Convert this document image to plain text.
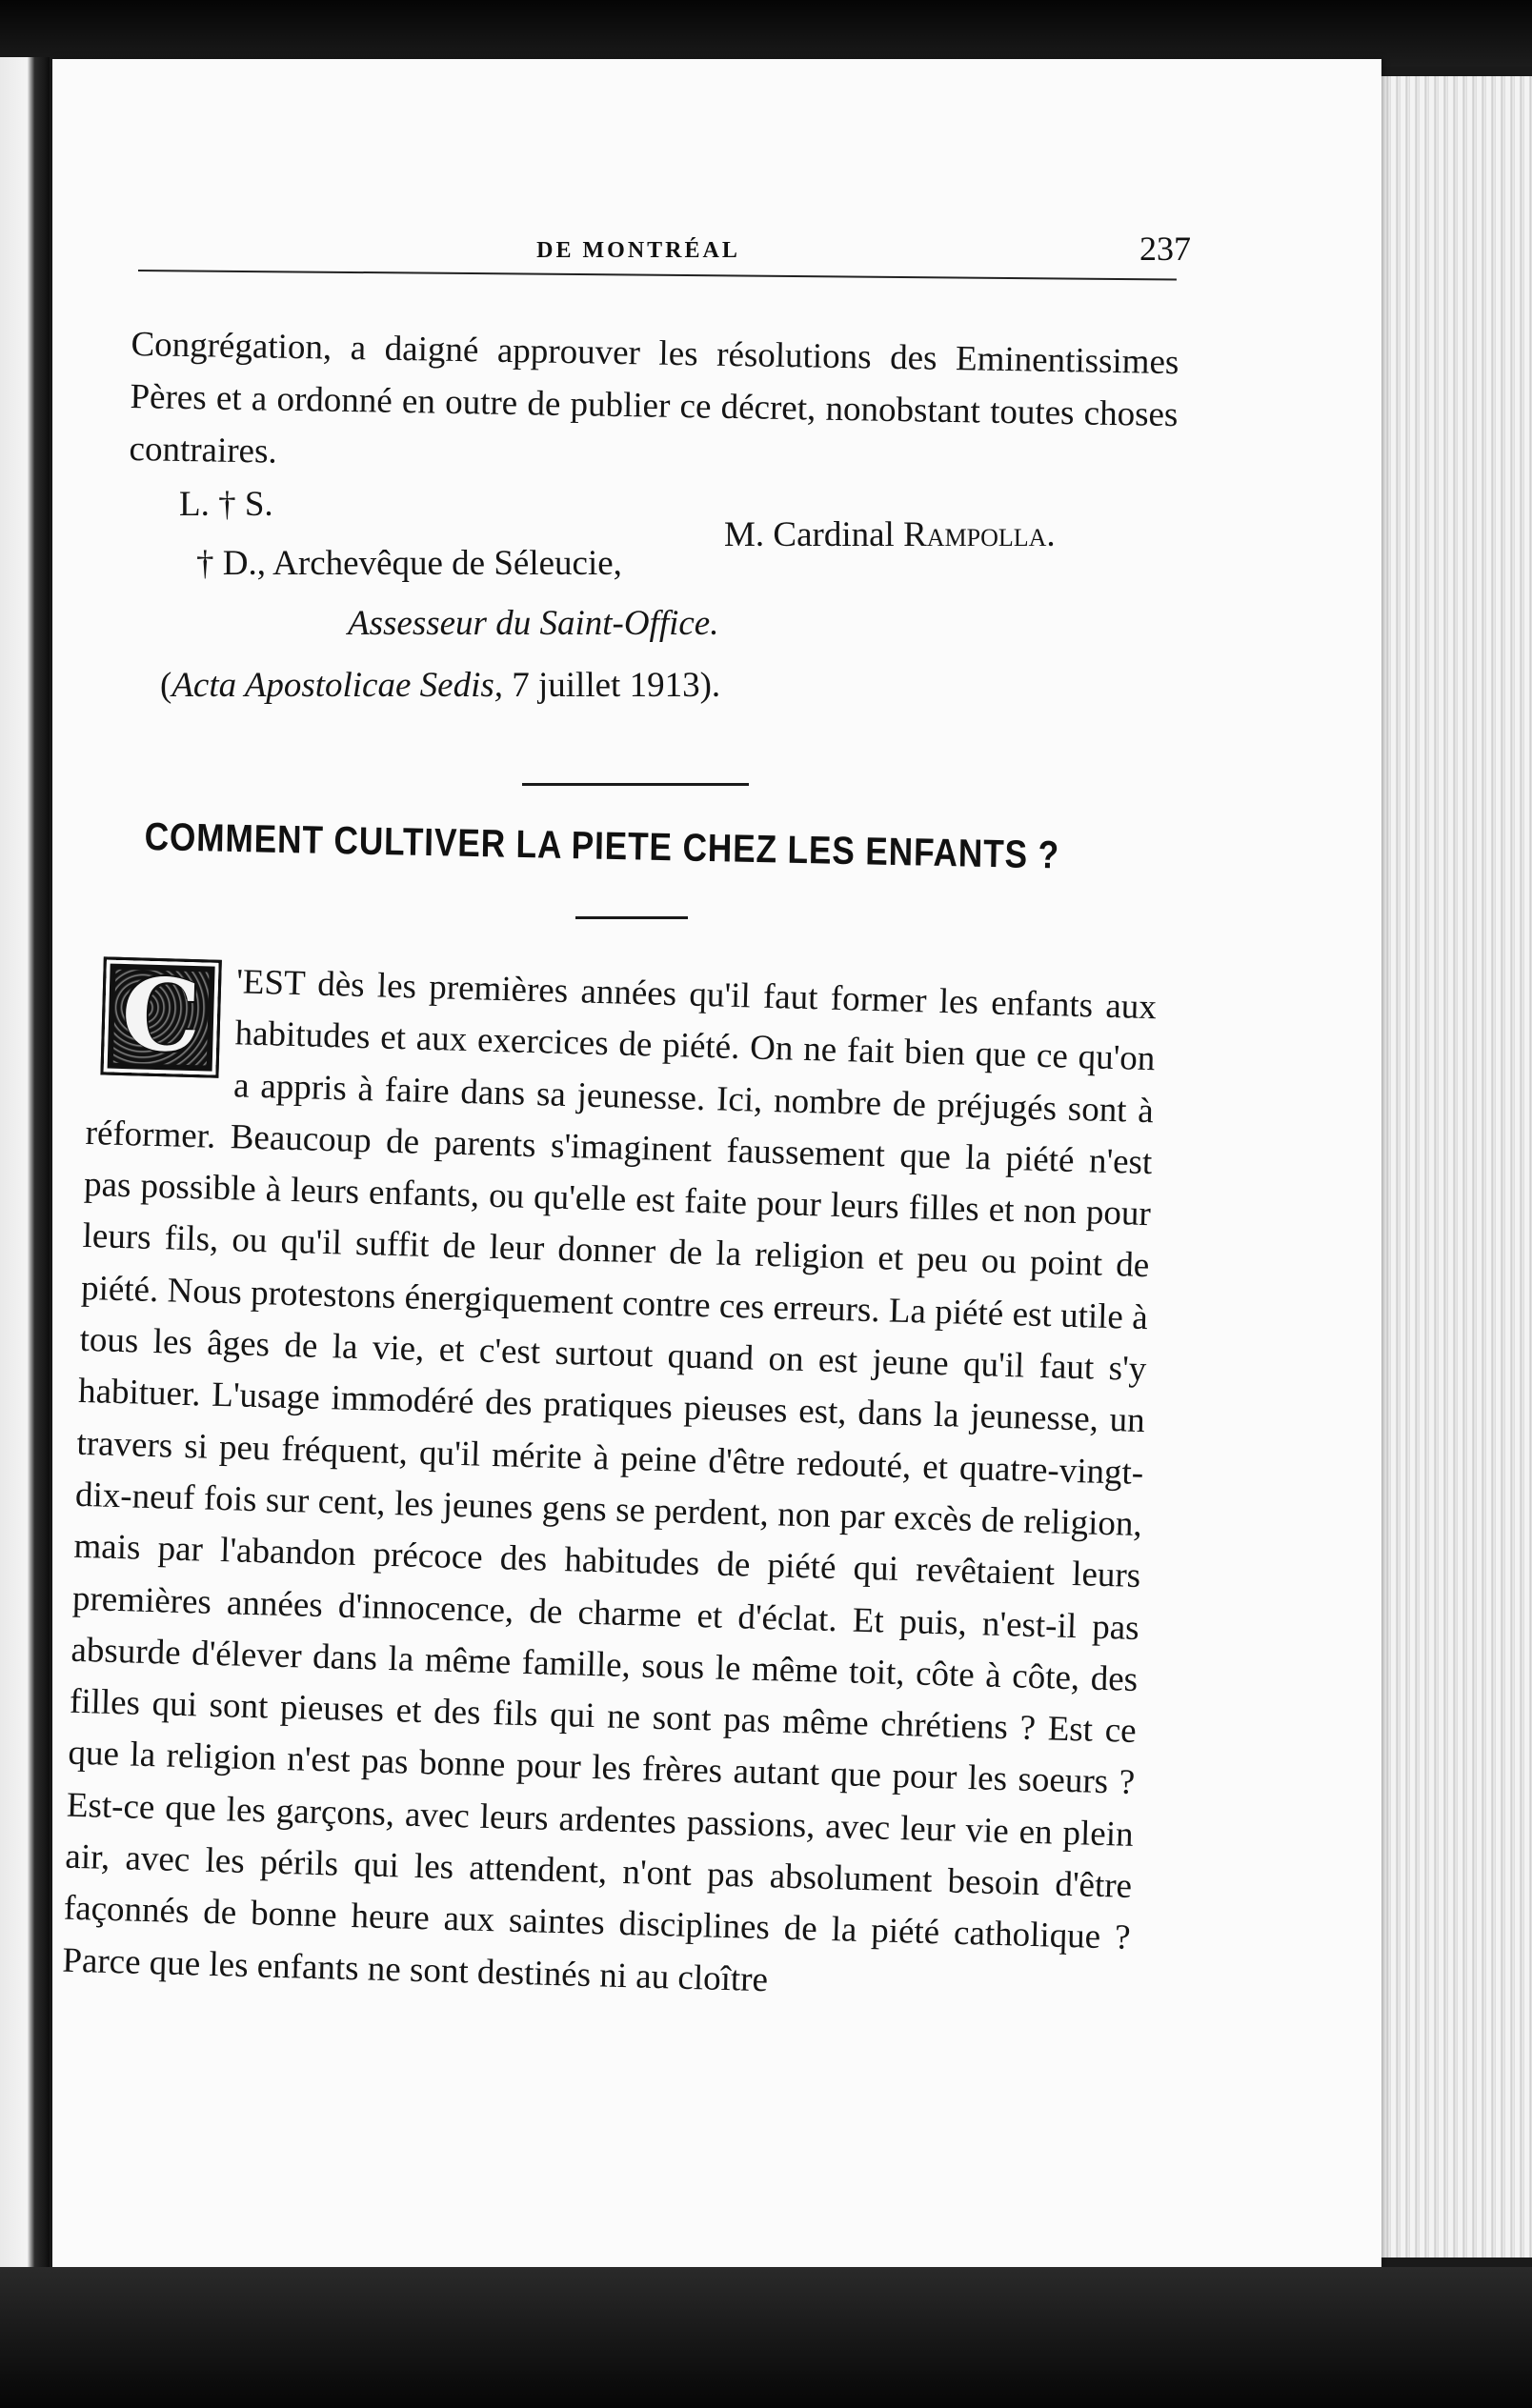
DE MONTRÉAL	237
Congrégation, a daigné approuver les résolutions des Eminentissimes Pères et a ordonné en outre de publier ce décret, nonobstant toutes choses contraires.
L. † S.
M. Cardinal Rampolla.
† D., Archevêque de Séleucie,
Assesseur du Saint-Office.
(Acta Apostolicae Sedis, 7 juillet 1913).
COMMENT CULTIVER LA PIETE CHEZ LES ENFANTS ?
C 'EST dès les premières années qu'il faut former les enfants aux habitudes et aux exercices de piété. On ne fait bien que ce qu'on a appris à faire dans sa jeunesse. Ici, nombre de préjugés sont à réformer. Beaucoup de parents s'imaginent faussement que la piété n'est pas possible à leurs enfants, ou qu'elle est faite pour leurs filles et non pour leurs fils, ou qu'il suffit de leur donner de la religion et peu ou point de piété. Nous protestons énergiquement contre ces erreurs. La piété est utile à tous les âges de la vie, et c'est surtout quand on est jeune qu'il faut s'y habituer. L'usage immodéré des pratiques pieuses est, dans la jeunesse, un travers si peu fréquent, qu'il mérite à peine d'être redouté, et quatre-vingt-dix-neuf fois sur cent, les jeunes gens se perdent, non par excès de religion, mais par l'abandon précoce des habitudes de piété qui revêtaient leurs premières années d'innocence, de charme et d'éclat. Et puis, n'est-il pas absurde d'élever dans la même famille, sous le même toit, côte à côte, des filles qui sont pieuses et des fils qui ne sont pas même chrétiens ? Est ce que la religion n'est pas bonne pour les frères autant que pour les soeurs ? Est-ce que les garçons, avec leurs ardentes passions, avec leur vie en plein air, avec les périls qui les attendent, n'ont pas absolument besoin d'être façonnés de bonne heure aux saintes disciplines de la piété catholique ? Parce que les enfants ne sont destinés ni au cloître
